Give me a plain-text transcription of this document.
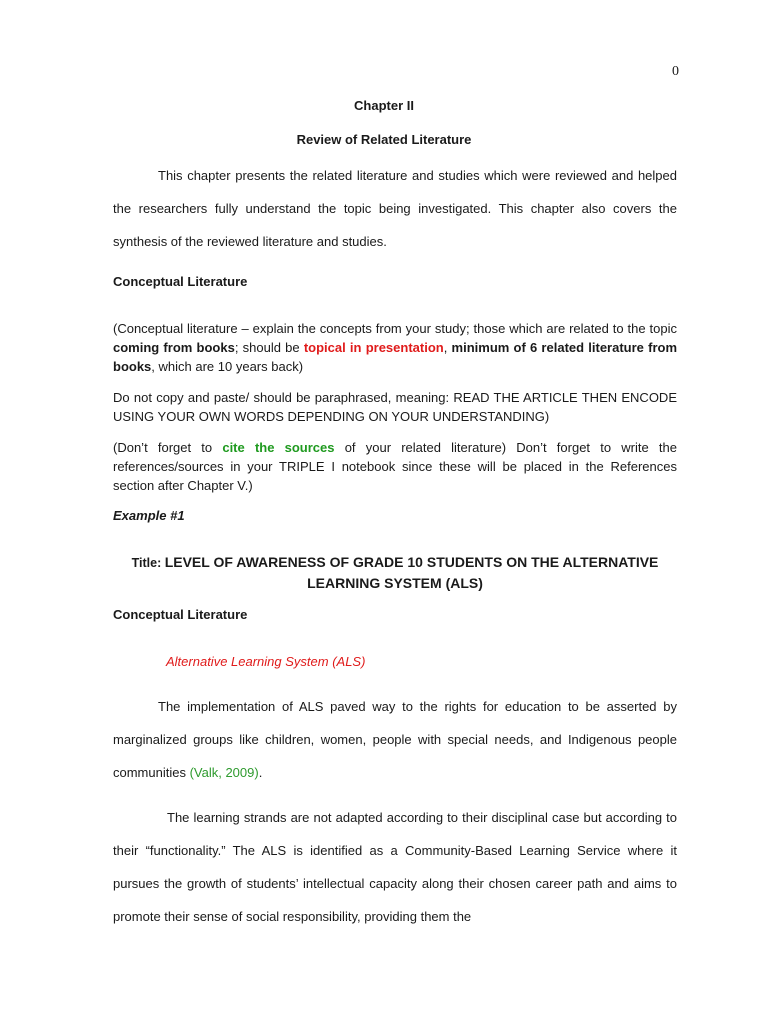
0
Chapter II
Review of Related Literature

This chapter presents the related literature and studies which were reviewed and helped the researchers fully understand the topic being investigated. This chapter also covers the synthesis of the reviewed literature and studies.

Conceptual Literature

(Conceptual literature – explain the concepts from your study; those which are related to the topic coming from books; should be topical in presentation, minimum of 6 related literature from books, which are 10 years back)

Do not copy and paste/ should be paraphrased, meaning: READ THE ARTICLE THEN ENCODE USING YOUR OWN WORDS DEPENDING ON YOUR UNDERSTANDING)

(Don’t forget to cite the sources of your related literature) Don’t forget to write the references/sources in your TRIPLE I notebook since these will be placed in the References section after Chapter V.)

Example #1
Title: LEVEL OF AWARENESS OF GRADE 10 STUDENTS ON THE ALTERNATIVE LEARNING SYSTEM (ALS)
Conceptual Literature
Alternative Learning System (ALS)

The implementation of ALS paved way to the rights for education to be asserted by marginalized groups like children, women, people with special needs, and Indigenous people communities (Valk, 2009).

The learning strands are not adapted according to their disciplinal case but according to their “functionality.” The ALS is identified as a Community-Based Learning Service where it pursues the growth of students’ intellectual capacity along their chosen career path and aims to promote their sense of social responsibility, providing them the
